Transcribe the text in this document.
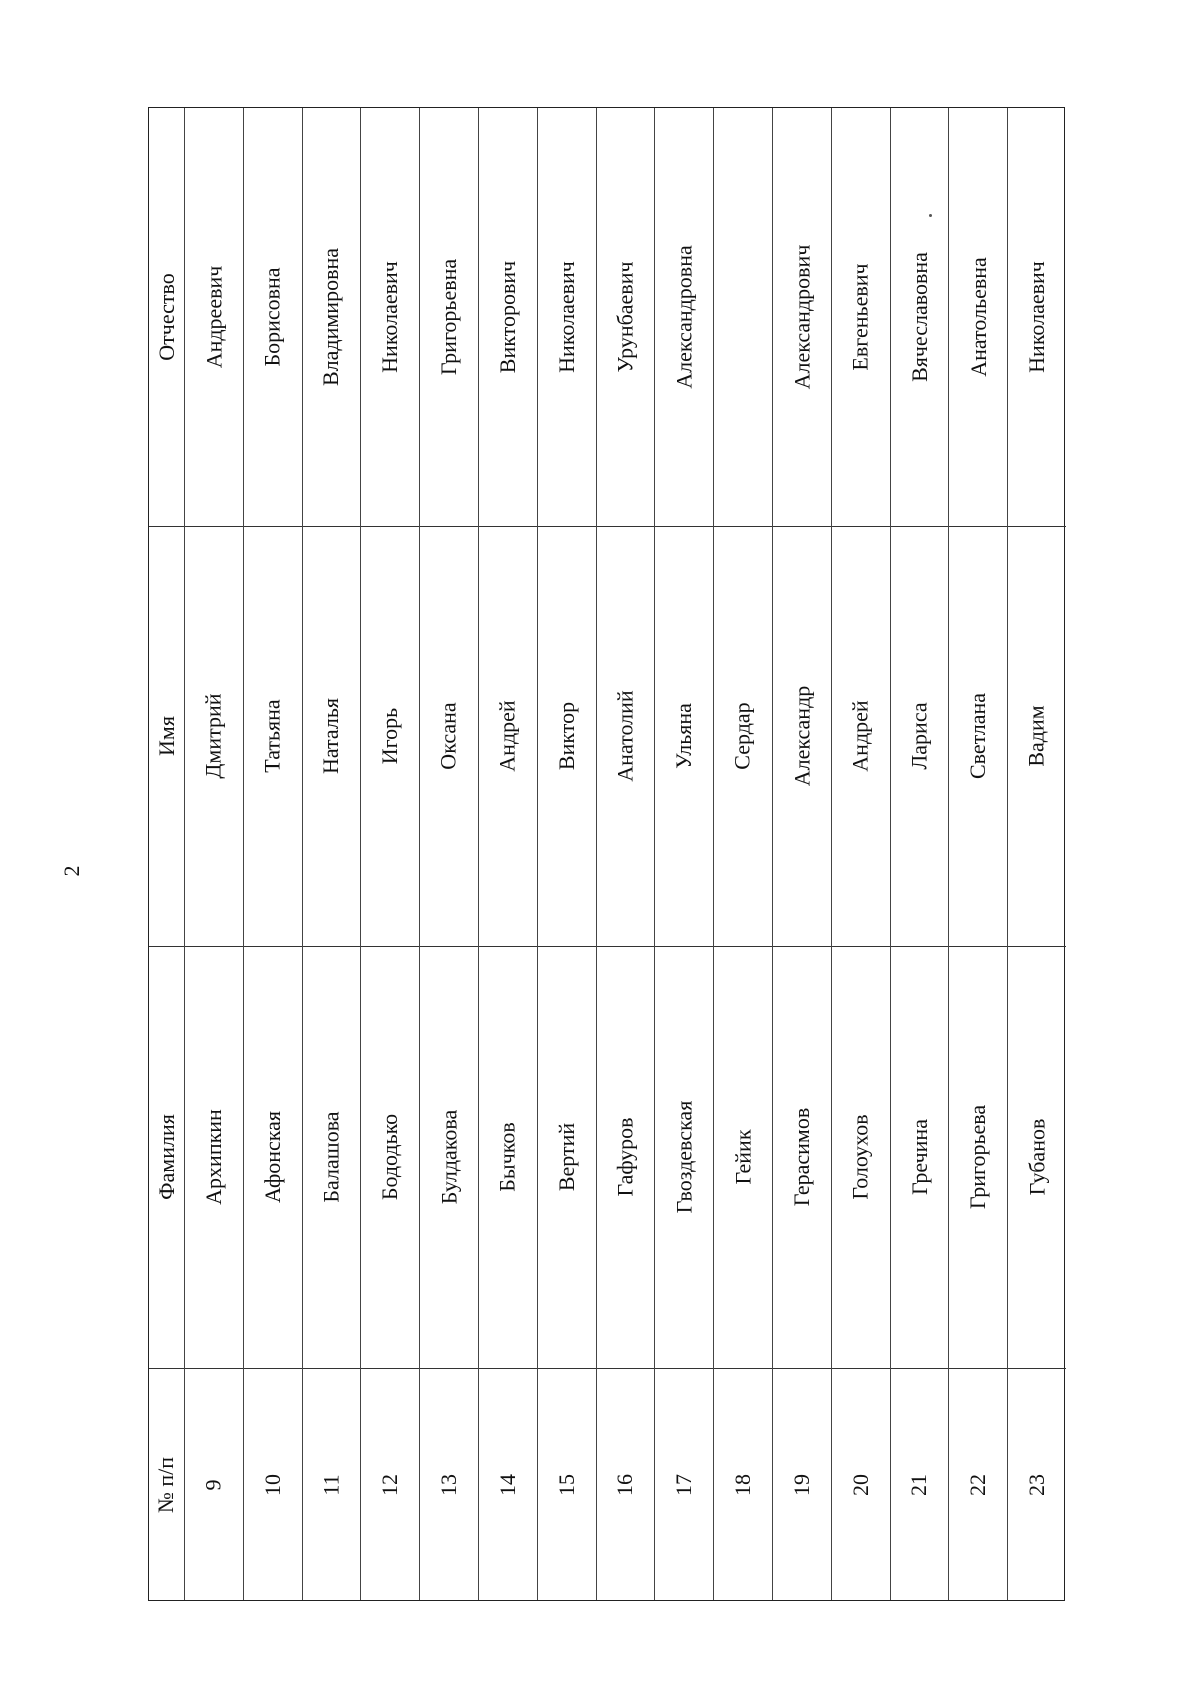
2
Отчество
Имя
Фамилия
№ п/п
Андреевич
Дмитрий
Архипкин
9
Борисовна
Татьяна
Афонская
10
Владимировна
Наталья
Балашова
11
Николаевич
Игорь
Бододько
12
Григорьевна
Оксана
Булдакова
13
Викторович
Андрей
Бычков
14
Николаевич
Виктор
Вертий
15
Урунбаевич
Анатолий
Гафуров
16
Александровна
Ульяна
Гвоздевская
17
Сердар
Гейик
18
Александрович
Александр
Герасимов
19
Евгеньевич
Андрей
Голоухов
20
Вячеславовна
Лариса
Гречина
21
Анатольевна
Светлана
Григорьева
22
Николаевич
Вадим
Губанов
23
